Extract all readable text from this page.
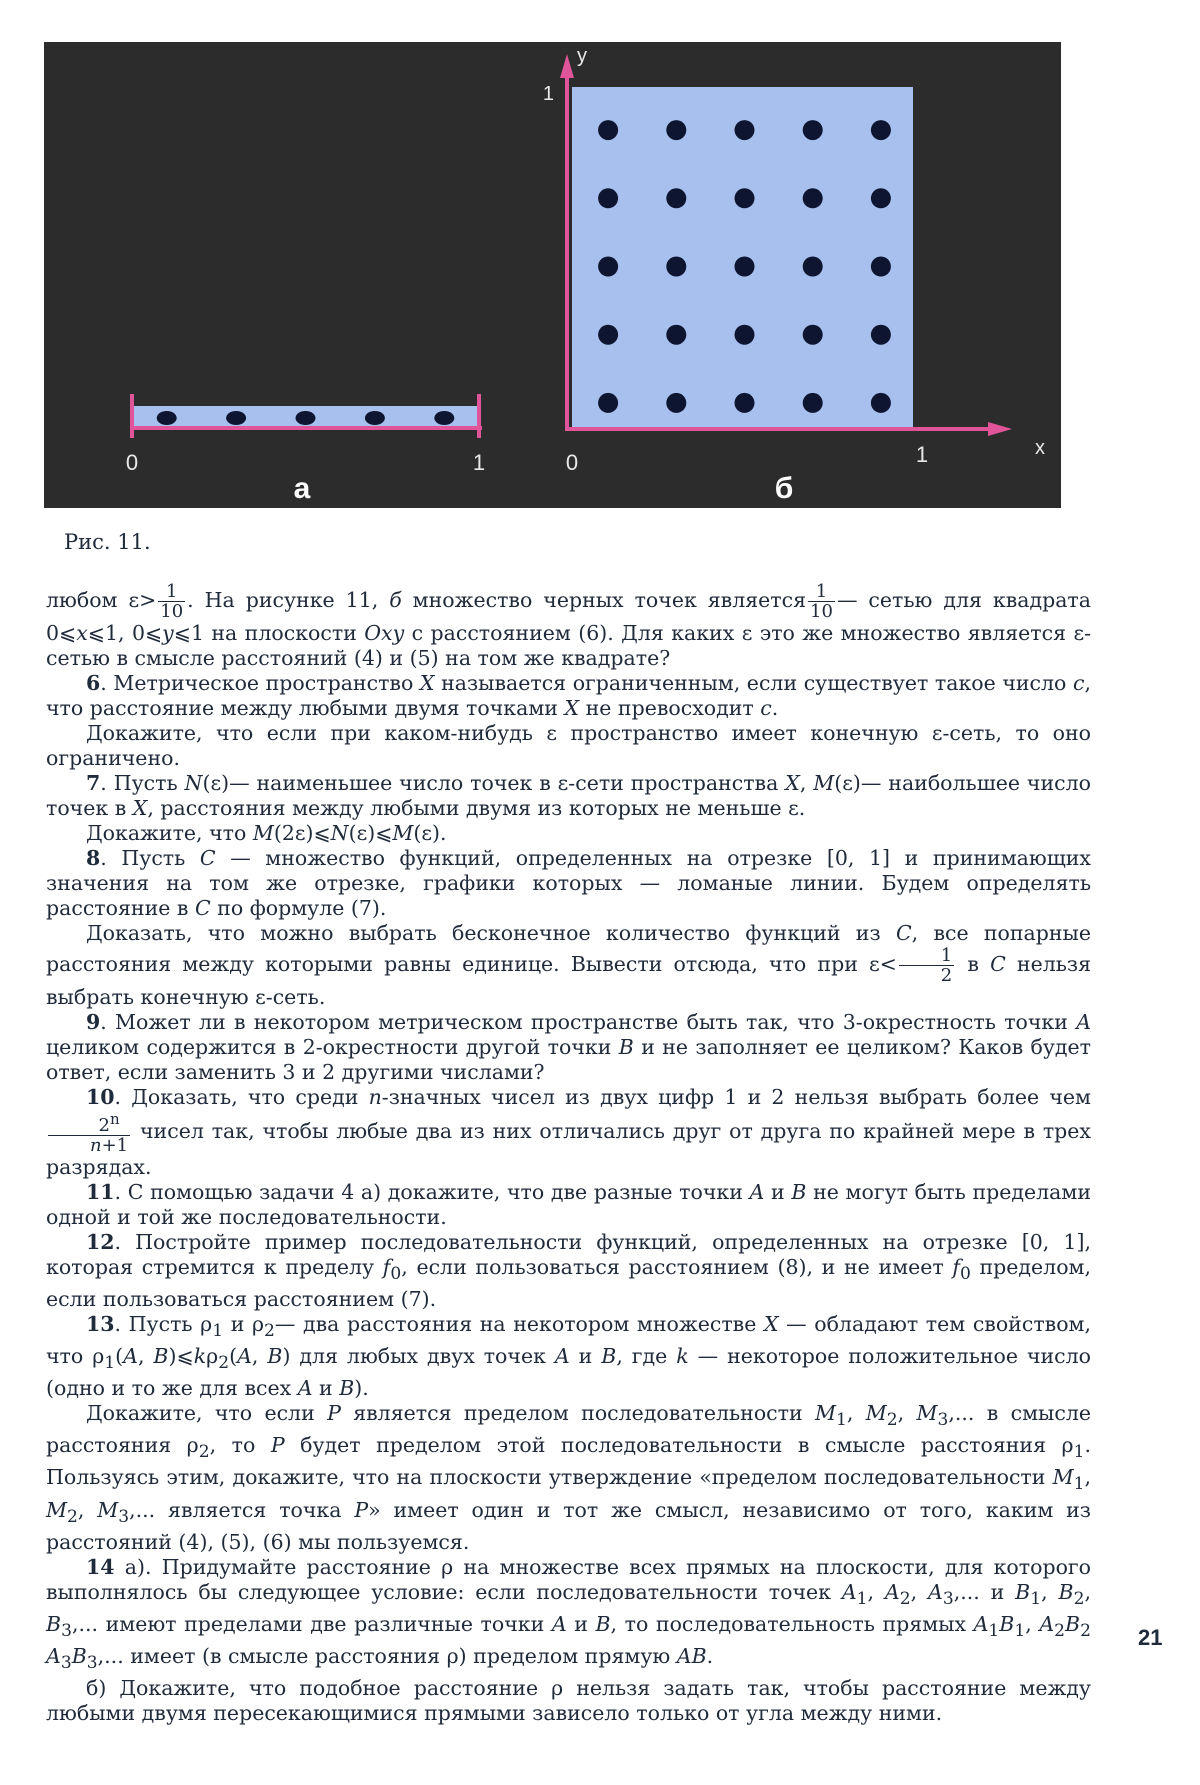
0	1
а
y
1
0	1	x
б
Рис. 11.

любом $\varepsilon> \frac{1}{10}$ . На рисунке 11, б множество черных точек является $\frac{1}{10}$ — сетью для квадрата 0⩽x⩽1, 0⩽y⩽1 на плоскости Oxy с расстоянием (6). Для каких ε это же множество является ε-сетью в смысле расстояний (4) и (5) на том же квадрате?

6. Метрическое пространство X называется ограниченным, если существует такое число c, что расстояние между любыми двумя точками X не превосходит c.

Докажите, что если при каком-нибудь ε пространство имеет конечную ε-сеть, то оно ограничено.

7. Пусть N(ε)— наименьшее число точек в ε-сети пространства X, M(ε)— наибольшее число точек в X, расстояния между любыми двумя из которых не меньше ε.

Докажите, что M(2ε)⩽N(ε)⩽M(ε).

8. Пусть C — множество функций, определенных на отрезке [0, 1] и принимающих значения на том же отрезке, графики которых — ломаные линии. Будем определять расстояние в C по формуле (7).

Доказать, что можно выбрать бесконечное количество функций из C, все попарные расстояния между которыми равны единице. Вывести отсюда, что при $\varepsilon< \frac{1}{2}$ в C нельзя выбрать конечную ε-сеть.

9. Может ли в некотором метрическом пространстве быть так, что 3-окрестность точки A целиком содержится в 2-окрестности другой точки B и не заполняет ее целиком? Каков будет ответ, если заменить 3 и 2 другими числами?

10. Доказать, что среди n-значных чисел из двух цифр 1 и 2 нельзя выбрать более чем
$\frac{2^n}{n+1}$ чисел так, чтобы любые два из них отличались друг от друга по крайней мере в трех разрядах.

11. С помощью задачи 4 а) докажите, что две разные точки A и B не могут быть пределами одной и той же последовательности.

12. Постройте пример последовательности функций, определенных на отрезке [0, 1], которая стремится к пределу $f_0$, если пользоваться расстоянием (8), и не имеет $f_0$ пределом, если пользоваться расстоянием (7).

13. Пусть $\rho_1$ и $\rho_2—$ два расстояния на некотором множестве X — обладают тем свойством, что $\rho_1(A$, $B)⩽k\rho_2(A$, B) для любых двух точек A и B, где k — некоторое положительное число (одно и то же для всех A и B).

Докажите, что если P является пределом последовательности $M_1$, $M_2$, $M_3$,... в смысле расстояния $\rho_2$, то P будет пределом этой последовательности в смысле расстояния $\rho_1$. Пользуясь этим, докажите, что на плоскости утверждение «пределом последовательности $M_1$, $M_2$, $M_3$,... является точка P» имеет один и тот же смысл, независимо от того, каким из расстояний (4), (5), (6) мы пользуемся.

14 а). Придумайте расстояние ρ на множестве всех прямых на плоскости, для которого выполнялось бы следующее условие: если последовательности точек $A_1$, $A_2$, $A_3$,... и $B_1$, $B_2$, $B_3$,... имеют пределами две различные точки A и B, то последовательность прямых $A_1B_1$, $A_2B_2$ $A_3B_3$,... имеет (в смысле расстояния ρ) пределом прямую AB.

б) Докажите, что подобное расстояние ρ нельзя задать так, чтобы расстояние между любыми двумя пересекающимися прямыми зависело только от угла между ними.

21
